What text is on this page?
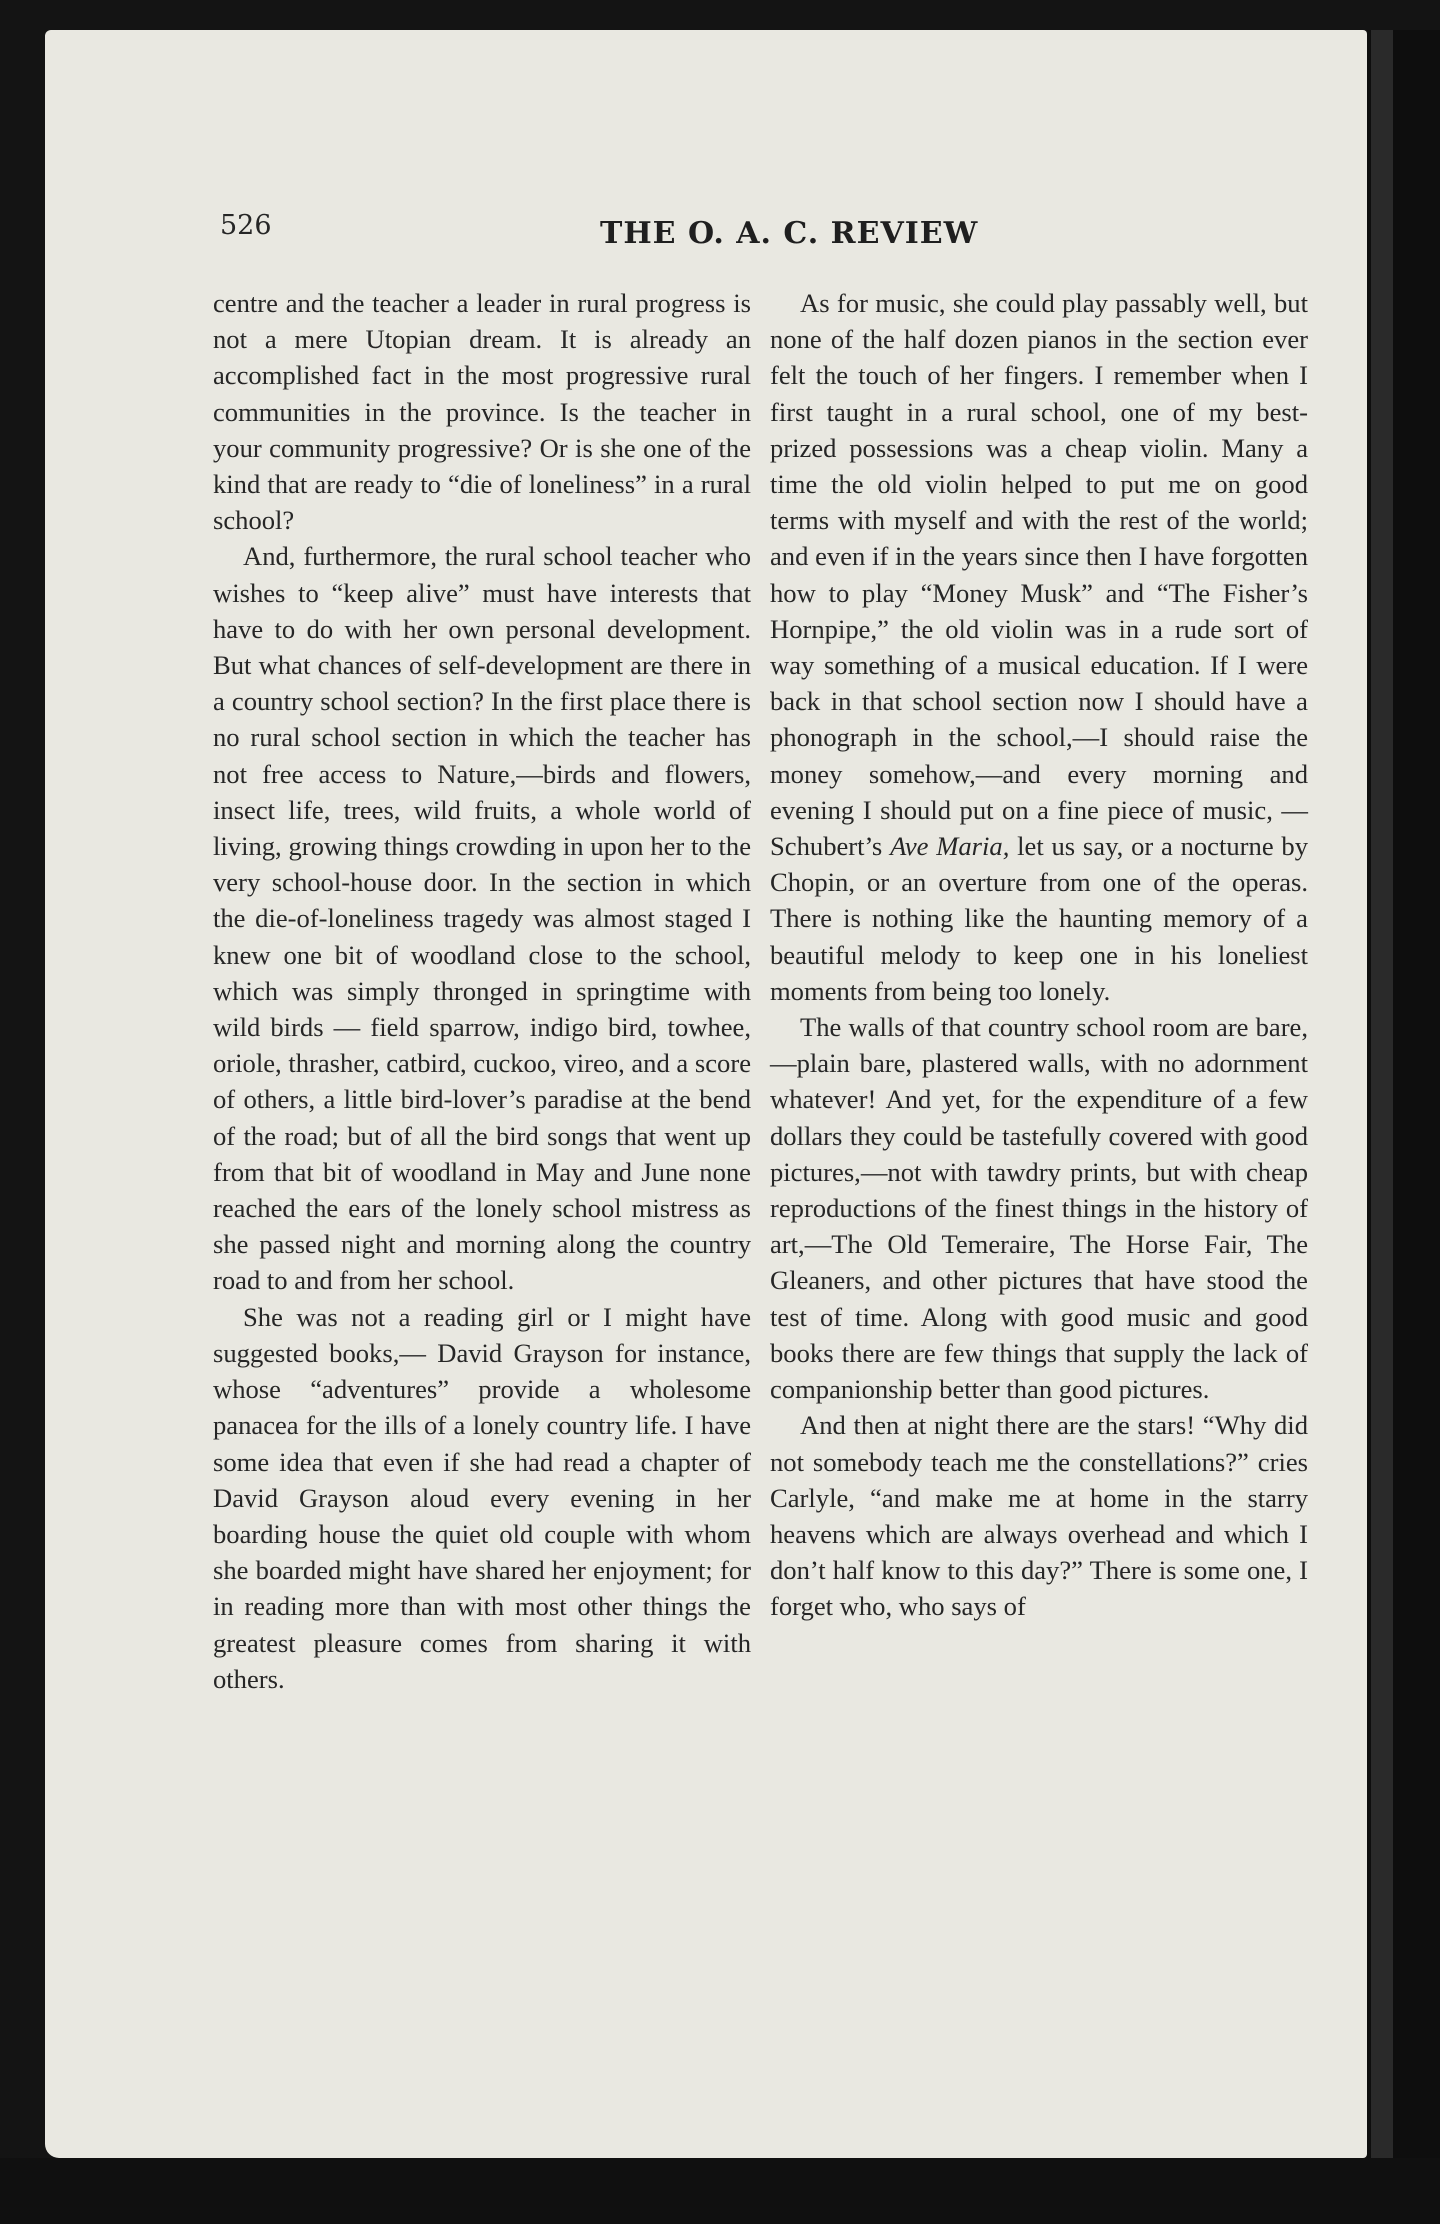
526	THE O. A. C. REVIEW

centre and the teacher a leader in rural progress is not a mere Utopian dream. It is already an accomplished fact in the most progressive rural communities in the province. Is the teacher in your community progressive? Or is she one of the kind that are ready to “die of loneliness” in a rural school?

And, furthermore, the rural school teacher who wishes to “keep alive” must have interests that have to do with her own personal development. But what chances of self-development are there in a country school section? In the first place there is no rural school section in which the teacher has not free access to Nature,—birds and flowers, insect life, trees, wild fruits, a whole world of living, growing things crowding in upon her to the very school-house door. In the section in which the die-of-loneliness tragedy was almost staged I knew one bit of woodland close to the school, which was simply thronged in springtime with wild birds — field sparrow, indigo bird, towhee, oriole, thrasher, catbird, cuckoo, vireo, and a score of others, a little bird-lover’s paradise at the bend of the road; but of all the bird songs that went up from that bit of woodland in May and June none reached the ears of the lonely school mistress as she passed night and morning along the country road to and from her school.

She was not a reading girl or I might have suggested books,— David Grayson for instance, whose “adventures” provide a wholesome panacea for the ills of a lonely country life. I have some idea that even if she had read a chapter of David Grayson aloud every evening in her boarding house the quiet old couple with whom she boarded might have shared her enjoyment; for in reading more than with most other things the greatest pleasure comes from sharing it with others.

As for music, she could play passably well, but none of the half dozen pianos in the section ever felt the touch of her fingers. I remember when I first taught in a rural school, one of my best-prized possessions was a cheap violin. Many a time the old violin helped to put me on good terms with myself and with the rest of the world; and even if in the years since then I have forgotten how to play “Money Musk” and “The Fisher’s Hornpipe,” the old violin was in a rude sort of way something of a musical education. If I were back in that school section now I should have a phonograph in the school,—I should raise the money somehow,—and every morning and evening I should put on a fine piece of music, — Schubert’s Ave Maria, let us say, or a nocturne by Chopin, or an overture from one of the operas. There is nothing like the haunting memory of a beautiful melody to keep one in his loneliest moments from being too lonely.

The walls of that country school room are bare,—plain bare, plastered walls, with no adornment whatever! And yet, for the expenditure of a few dollars they could be tastefully covered with good pictures,—not with tawdry prints, but with cheap reproductions of the finest things in the history of art,—The Old Temeraire, The Horse Fair, The Gleaners, and other pictures that have stood the test of time. Along with good music and good books there are few things that supply the lack of companionship better than good pictures.

And then at night there are the stars! “Why did not somebody teach me the constellations?” cries Carlyle, “and make me at home in the starry heavens which are always overhead and which I don’t half know to this day?” There is some one, I forget who, who says of
